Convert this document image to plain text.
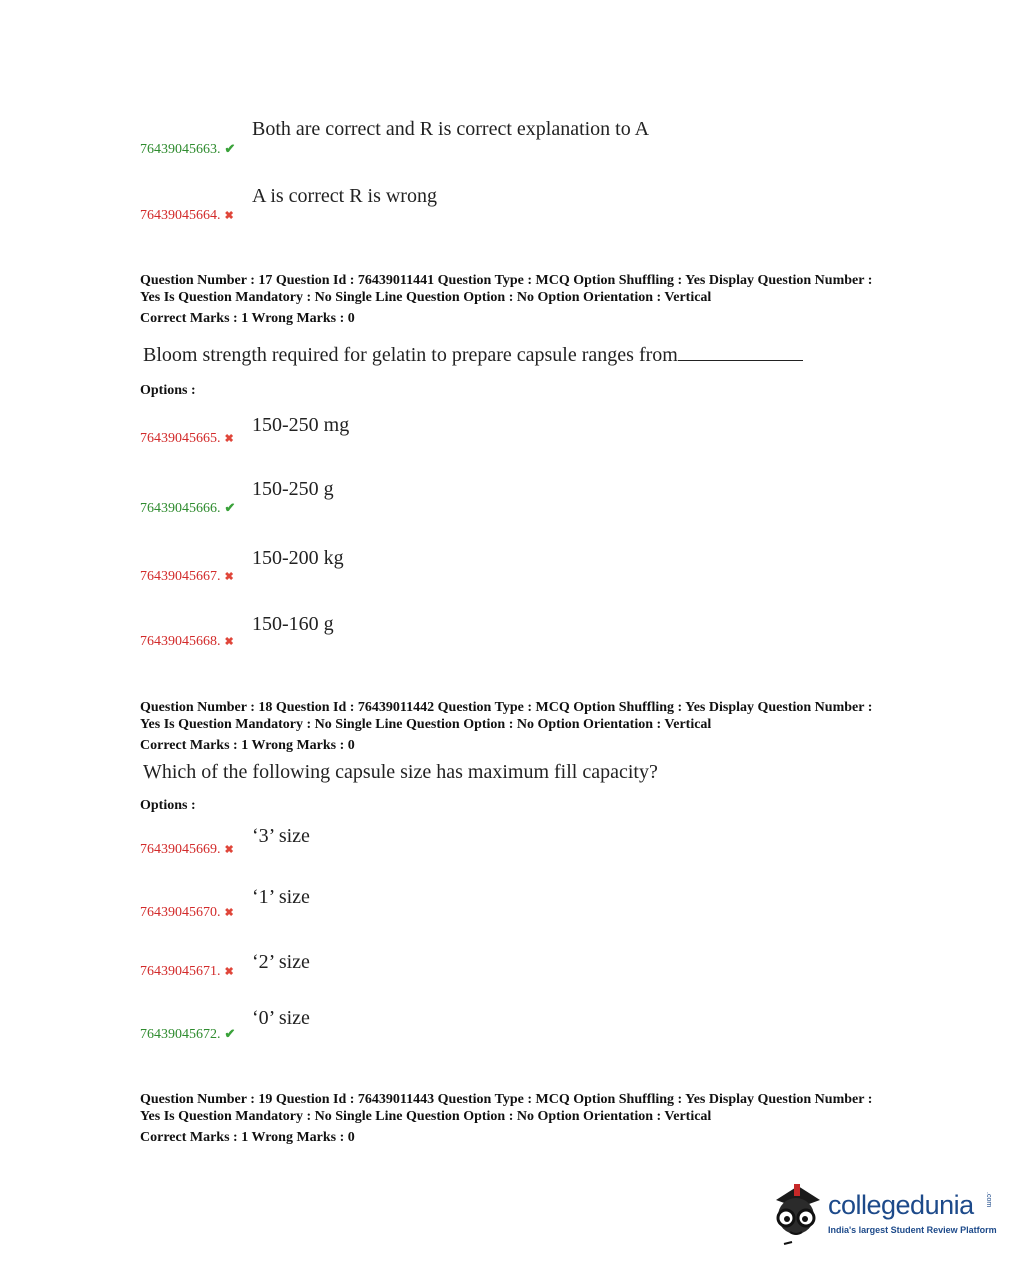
Both are correct and R is correct explanation to A
76439045663. ✔
A is correct R is wrong
76439045664. ✖
Question Number : 17 Question Id : 76439011441 Question Type : MCQ Option Shuffling : Yes Display Question Number : Yes Is Question Mandatory : No Single Line Question Option : No Option Orientation : Vertical
Correct Marks : 1 Wrong Marks : 0
Bloom strength required for gelatin to prepare capsule ranges from
Options :
150-250 mg
76439045665. ✖
150-250 g
76439045666. ✔
150-200 kg
76439045667. ✖
150-160 g
76439045668. ✖
Question Number : 18 Question Id : 76439011442 Question Type : MCQ Option Shuffling : Yes Display Question Number : Yes Is Question Mandatory : No Single Line Question Option : No Option Orientation : Vertical
Correct Marks : 1 Wrong Marks : 0
Which of the following capsule size has maximum fill capacity?
Options :
‘3’ size
76439045669. ✖
‘1’ size
76439045670. ✖
‘2’ size
76439045671. ✖
‘0’ size
76439045672. ✔
Question Number : 19 Question Id : 76439011443 Question Type : MCQ Option Shuffling : Yes Display Question Number : Yes Is Question Mandatory : No Single Line Question Option : No Option Orientation : Vertical
Correct Marks : 1 Wrong Marks : 0
collegedunia .com
India's largest Student Review Platform
